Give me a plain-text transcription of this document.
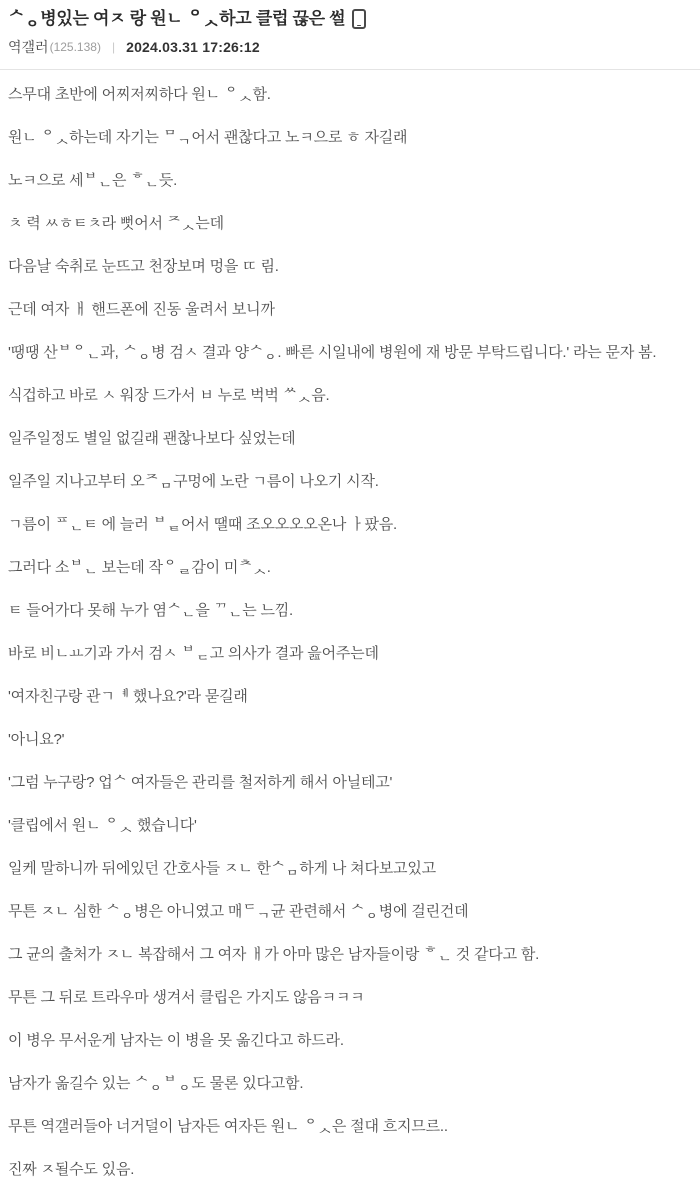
ᄉᆼ병있는 여ㅈ 랑 원ㄴ ᄋᆺ하고 클럽 끊은 썰
역갤러 (125.138) | 2024.03.31 17:26:12

스무대 초반에 어찌저찌하다 원ㄴ ᄋᆺ함.

원ㄴ ᄋᆺ하는데 자기는 ᄆᆨ어서 괜찮다고 노ㅋ으로 ㅎ 자길래

노ㅋ으로 세ᄇᆫ은 ᄒᆫ듯.

ㅊ 력 ㅆㅎㅌㅊ라 뻣어서 ᄌᆺ는데

다음날 숙취로 눈뜨고 천장보며 멍을 ㄸ 림.

근데 여자 ㅐ 핸드폰에 진동 울려서 보니까

'땡땡 산ᄇᄋᆫ과, ᄉᆼ병 검ㅅ 결과 양ᄉᆼ. 빠른 시일내에 병원에 재 방문 부탁드립니다.' 라는 문자 봄.

식겁하고 바로 ㅅ 워장 드가서 ㅂ 누로 벅벅 ᄊᆺ음.

일주일정도 별일 없길래 괜찮나보다 싶었는데

일주일 지나고부터 오ᄌᆷ구멍에 노란 ㄱ름이 나오기 시작.

ㄱ름이 ᄑᆫㅌ 에 늘러 ᄇᇀ어서 땔때 조오오오오온나 ㅏ팠음.

그러다 소ᄇᆫ 보는데 작ᄋᆯ감이 미ᄎᆺ.

ㅌ 들어가다 못해 누가 염ᄉᆫ을 ᄁᆫ는 느낌.

바로 비ㄴㅛ기과 가서 검ㅅ ᄇᆮ고 의사가 결과 읊어주는데

'여자친구랑 관ㄱᅨ 했나요?'라 묻길래

'아니요?'

'그럼 누구랑? 업ᄉ 여자들은 관리를 철저하게 해서 아닐테고'

'클립에서 원ㄴ ᄋᆺ 했습니다'

일케 말하니까 뒤에있던 간호사들 ㅈㄴ 한ᄉᆷ하게 나 쳐다보고있고

무튼 ㅈㄴ 심한 ᄉᆼ병은 아니였고 매ᄃᆨ균 관련해서 ᄉᆼ병에 걸린건데

그 균의 출처가 ㅈㄴ 복잡해서 그 여자 ㅐ가 아마 많은 남자들이랑 ᄒᆫ 것 같다고 함.

무튼 그 뒤로 트라우마 생겨서 클립은 가지도 않음ㅋㅋㅋ

이 병우 무서운게 남자는 이 병을 못 옮긴다고 하드라.

남자가 옮길수 있는 ᄉᆼᄇᆼ도 물론 있다고함.

무튼 역갤러들아 너거덜이 남자든 여자든 원ㄴ ᄋᆺ은 절대 흐지므르..

진짜 ㅈ될수도 있음.
